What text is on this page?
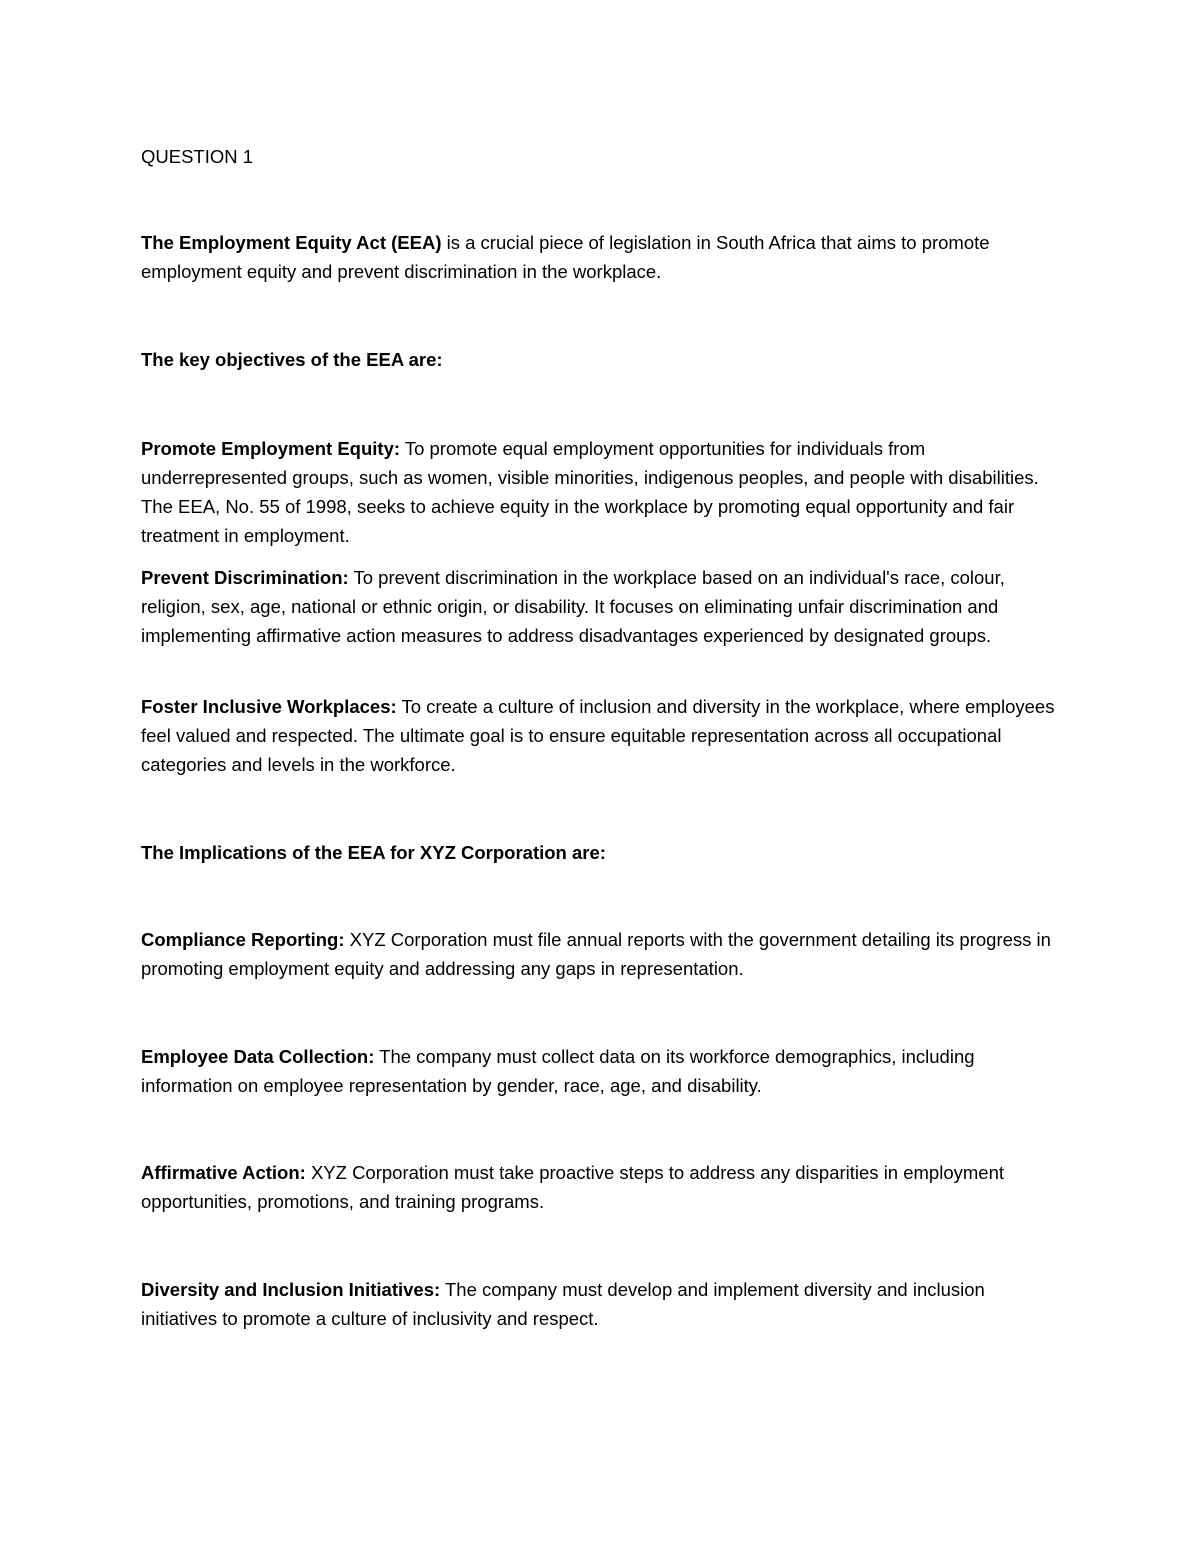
QUESTION 1

The Employment Equity Act (EEA) is a crucial piece of legislation in South Africa that aims to promote employment equity and prevent discrimination in the workplace.

The key objectives of the EEA are:

Promote Employment Equity: To promote equal employment opportunities for individuals from underrepresented groups, such as women, visible minorities, indigenous peoples, and people with disabilities. The EEA, No. 55 of 1998, seeks to achieve equity in the workplace by promoting equal opportunity and fair treatment in employment.

Prevent Discrimination: To prevent discrimination in the workplace based on an individual's race, colour, religion, sex, age, national or ethnic origin, or disability. It focuses on eliminating unfair discrimination and implementing affirmative action measures to address disadvantages experienced by designated groups.

Foster Inclusive Workplaces: To create a culture of inclusion and diversity in the workplace, where employees feel valued and respected. The ultimate goal is to ensure equitable representation across all occupational categories and levels in the workforce.

The Implications of the EEA for XYZ Corporation are:

Compliance Reporting: XYZ Corporation must file annual reports with the government detailing its progress in promoting employment equity and addressing any gaps in representation.

Employee Data Collection: The company must collect data on its workforce demographics, including information on employee representation by gender, race, age, and disability.

Affirmative Action: XYZ Corporation must take proactive steps to address any disparities in employment opportunities, promotions, and training programs.

Diversity and Inclusion Initiatives: The company must develop and implement diversity and inclusion initiatives to promote a culture of inclusivity and respect.
